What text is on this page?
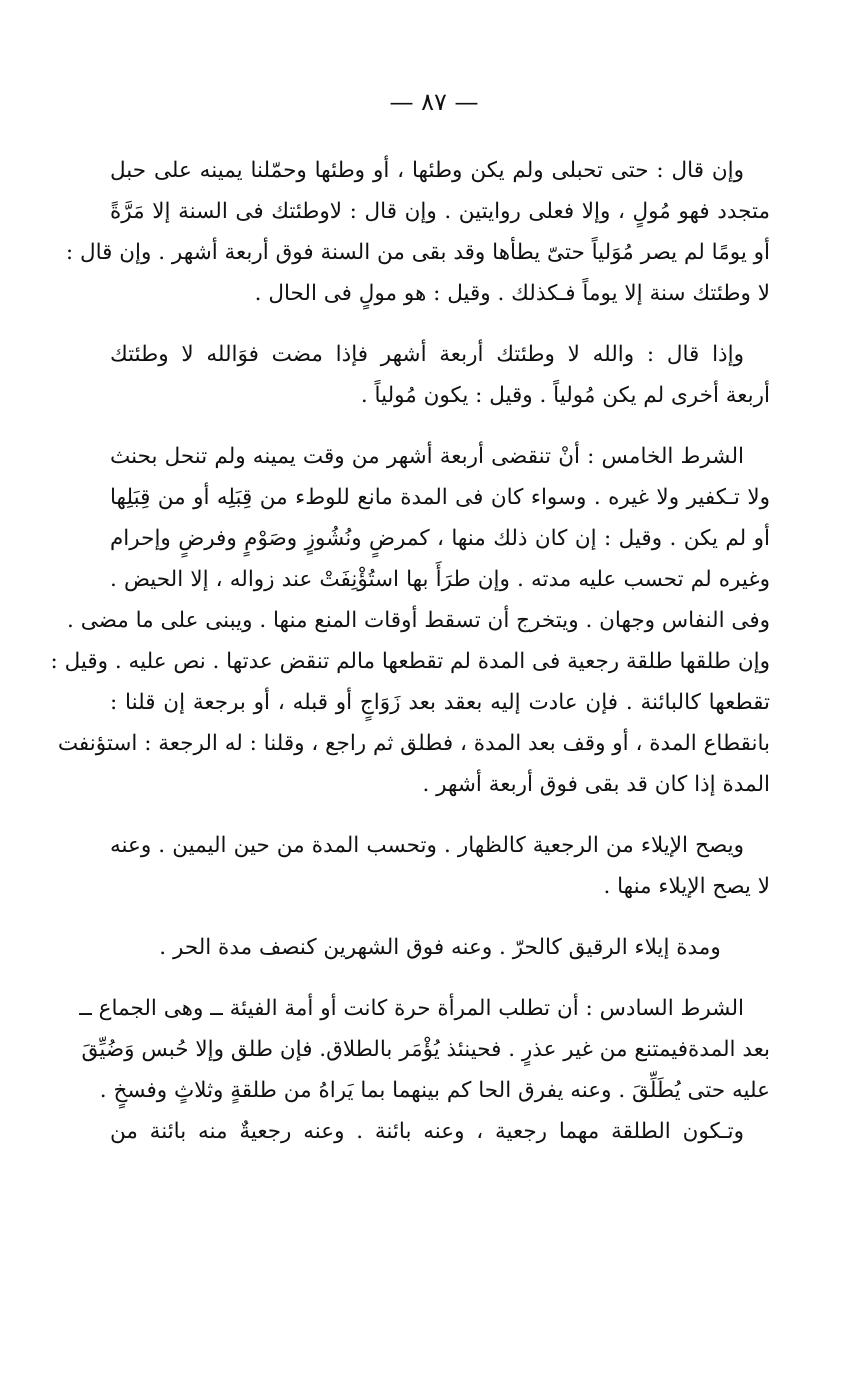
— ٨٧ —
وإن قال : حتى تحبلى ولم يكن وطئها ، أو وطئها وحمّلنا يمينه على حبل
متجدد فهو مُولٍ ، وإلا فعلى روايتين . وإن قال : لاوطئتك فى السنة إلا مَرَّةً
أو يومًا لم يصر مُوَلياً حتىّ يطأها وقد بقى من السنة فوق أربعة أشهر . وإن قال :
لا وطئتك سنة إلا يوماً فـكذلك . وقيل : هو مولٍ فى الحال .
وإذا قال : والله لا وطئتك أربعة أشهر فإذا مضت فوَالله لا وطئتك
أربعة أخرى لم يكن مُولياً . وقيل : يكون مُولياً .
الشرط الخامس : أنْ تنقضى أربعة أشهر من وقت يمينه ولم تنحل بحنث
ولا تـكفير ولا غيره . وسواء كان فى المدة مانع للوطء من قِبَلِه أو من قِبَلِها
أو لم يكن . وقيل : إن كان ذلك منها ، كمرضٍ ونُشُوزٍ وصَوْمٍ وفرضٍ وإحرام
وغيره لم تحسب عليه مدته . وإن طرَأَ بها استُؤْنِفَتْ عند زواله ، إلا الحيض .
وفى النفاس وجهان . ويتخرج أن تسقط أوقات المنع منها . ويبنى على ما مضى .
وإن طلقها طلقة رجعية فى المدة لم تقطعها مالم تنقض عدتها . نص عليه . وقيل :
تقطعها كالبائنة . فإن عادت إليه بعقد بعد زَوَاجٍ أو قبله ، أو برجعة إن قلنا :
بانقطاع المدة ، أو وقف بعد المدة ، فطلق ثم راجع ، وقلنا : له الرجعة : استؤنفت
المدة إذا كان قد بقى فوق أربعة أشهر .
ويصح الإيلاء من الرجعية كالظهار . وتحسب المدة من حين اليمين . وعنه
لا يصح الإيلاء منها .
ومدة إيلاء الرقيق كالحرّ . وعنه فوق الشهرين كنصف مدة الحر .
الشرط السادس : أن تطلب المرأة حرة كانت أو أمة الفيئة ــ وهى الجماع ــ
بعد المدةفيمتنع من غير عذرٍ . فحينئذ يُؤْمَر بالطلاق. فإن طلق وإلا حُبس وَضُيِّقَ
عليه حتى يُطَلِّقَ . وعنه يفرق الحا كم بينهما بما يَراهُ من طلقةٍ وثلاثٍ وفسخٍ .
وتـكون الطلقة مهما رجعية ، وعنه بائنة . وعنه رجعيةٌ منه بائنة من
